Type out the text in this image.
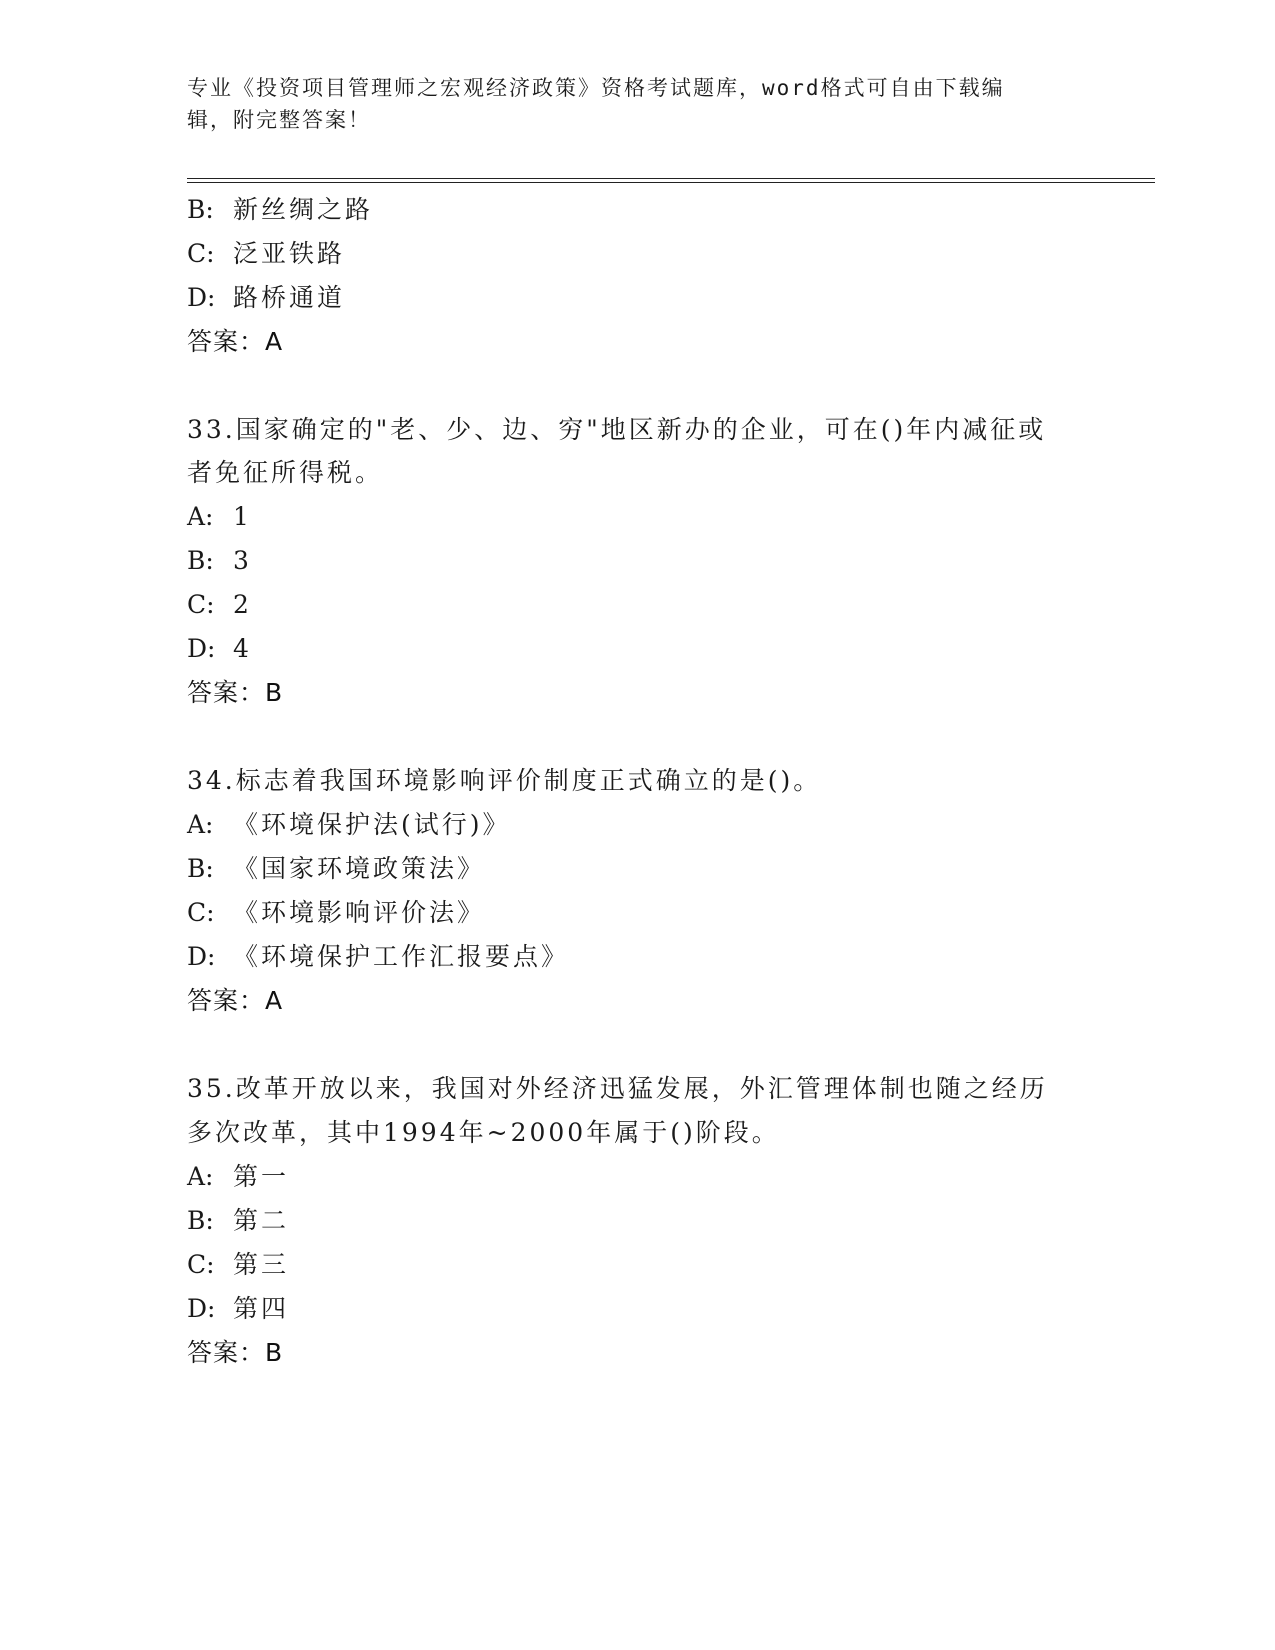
专业《投资项目管理师之宏观经济政策》资格考试题库，word格式可自由下载编
辑，附完整答案！
B: 新丝绸之路
C: 泛亚铁路
D: 路桥通道
答案：A
33.国家确定的"老、少、边、穷"地区新办的企业，可在()年内减征或
者免征所得税。
A: 1
B: 3
C: 2
D: 4
答案：B
34.标志着我国环境影响评价制度正式确立的是()。
A: 《环境保护法(试行)》
B: 《国家环境政策法》
C: 《环境影响评价法》
D: 《环境保护工作汇报要点》
答案：A
35.改革开放以来，我国对外经济迅猛发展，外汇管理体制也随之经历
多次改革，其中1994年~2000年属于()阶段。
A: 第一
B: 第二
C: 第三
D: 第四
答案：B
